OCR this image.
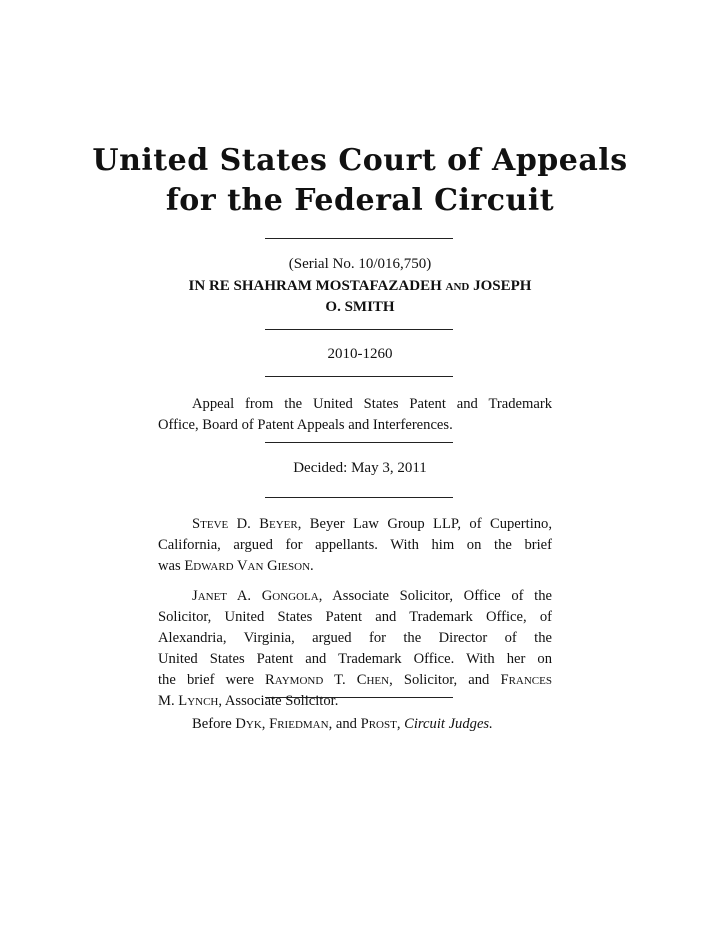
United States Court of Appeals
for the Federal Circuit
(Serial No. 10/016,750)
IN RE SHAHRAM MOSTAFAZADEH AND JOSEPH
O. SMITH
2010-1260
Appeal from the United States Patent and Trademark
Office, Board of Patent Appeals and Interferences.
Decided: May 3, 2011
STEVE D. BEYER, Beyer Law Group LLP, of Cupertino,
California, argued for appellants. With him on the brief
was EDWARD VAN GIESON.
JANET A. GONGOLA, Associate Solicitor, Office of the
Solicitor, United States Patent and Trademark Office, of
Alexandria, Virginia, argued for the Director of the
United States Patent and Trademark Office. With her on
the brief were RAYMOND T. CHEN, Solicitor, and FRANCES
M. LYNCH, Associate Solicitor.
Before DYK, FRIEDMAN, and PROST, Circuit Judges.
